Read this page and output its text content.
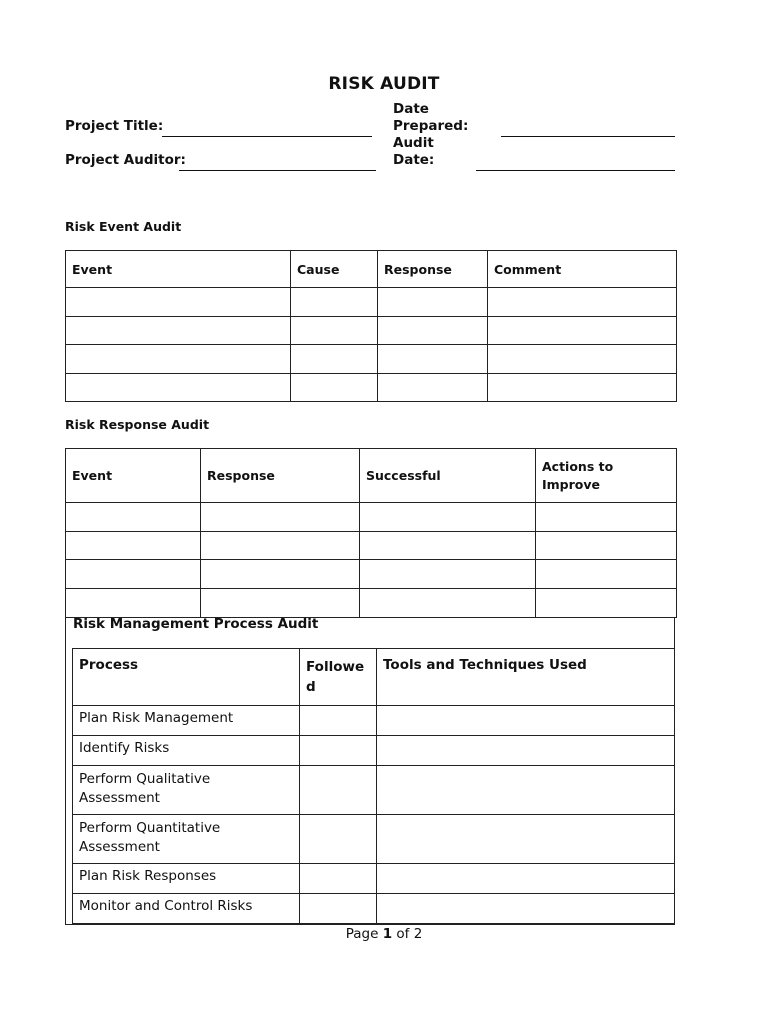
RISK AUDIT
Project Title:
Project Auditor:
Date
Prepared:
Audit
Date:
Risk Event Audit
Event	Cause	Response	Comment

Risk Response Audit
Event	Response	Successful	Actions to Improve

Risk Management Process Audit
Process	Followed	Tools and Techniques Used
Plan Risk Management		
Identify Risks		
Perform Qualitative Assessment		
Perform Quantitative Assessment		
Plan Risk Responses		
Monitor and Control Risks		
Page 1 of 2
